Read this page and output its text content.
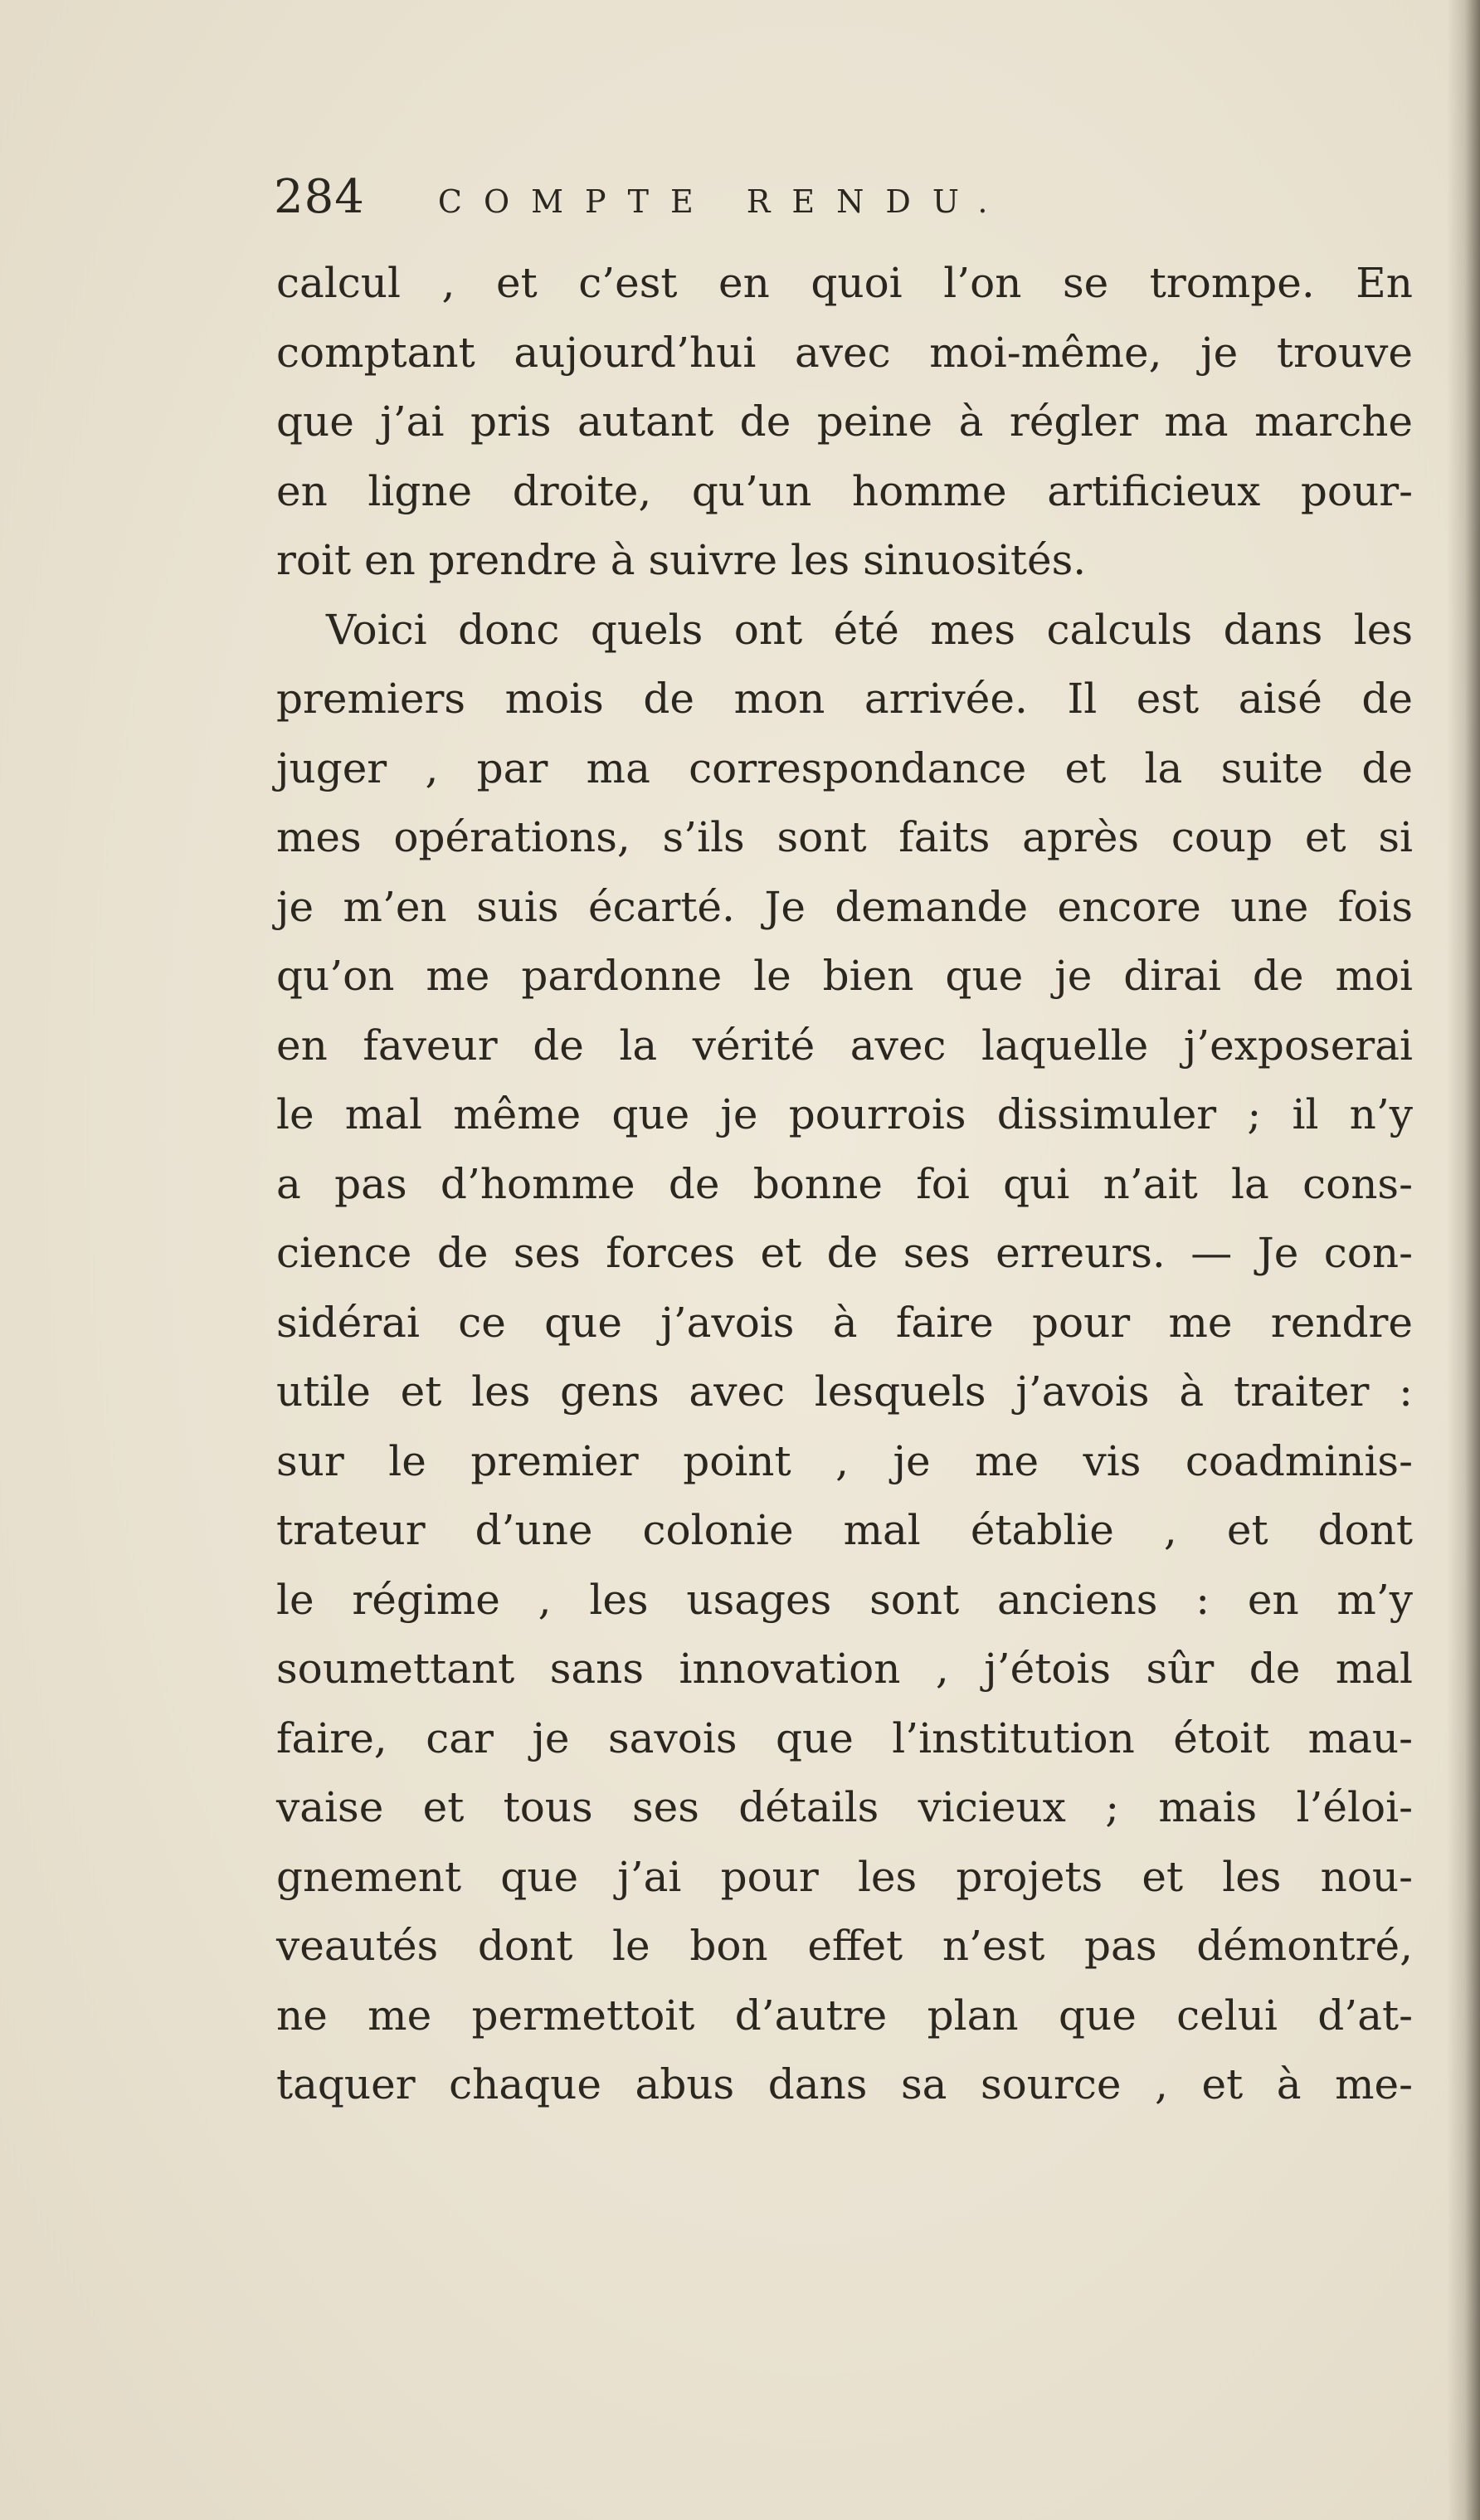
284 COMPTE RENDU.
calcul , et c’est en quoi l’on se trompe. En
comptant aujourd’hui avec moi-même, je trouve
que j’ai pris autant de peine à régler ma marche
en ligne droite, qu’un homme artificieux pour-
roit en prendre à suivre les sinuosités.
Voici donc quels ont été mes calculs dans les
premiers mois de mon arrivée. Il est aisé de
juger , par ma correspondance et la suite de
mes opérations, s’ils sont faits après coup et si
je m’en suis écarté. Je demande encore une fois
qu’on me pardonne le bien que je dirai de moi
en faveur de la vérité avec laquelle j’exposerai
le mal même que je pourrois dissimuler ; il n’y
a pas d’homme de bonne foi qui n’ait la cons-
cience de ses forces et de ses erreurs. — Je con-
sidérai ce que j’avois à faire pour me rendre
utile et les gens avec lesquels j’avois à traiter :
sur le premier point , je me vis coadminis-
trateur d’une colonie mal établie , et dont
le régime , les usages sont anciens : en m’y
soumettant sans innovation , j’étois sûr de mal
faire, car je savois que l’institution étoit mau-
vaise et tous ses détails vicieux ; mais l’éloi-
gnement que j’ai pour les projets et les nou-
veautés dont le bon effet n’est pas démontré,
ne me permettoit d’autre plan que celui d’at-
taquer chaque abus dans sa source , et à me-
